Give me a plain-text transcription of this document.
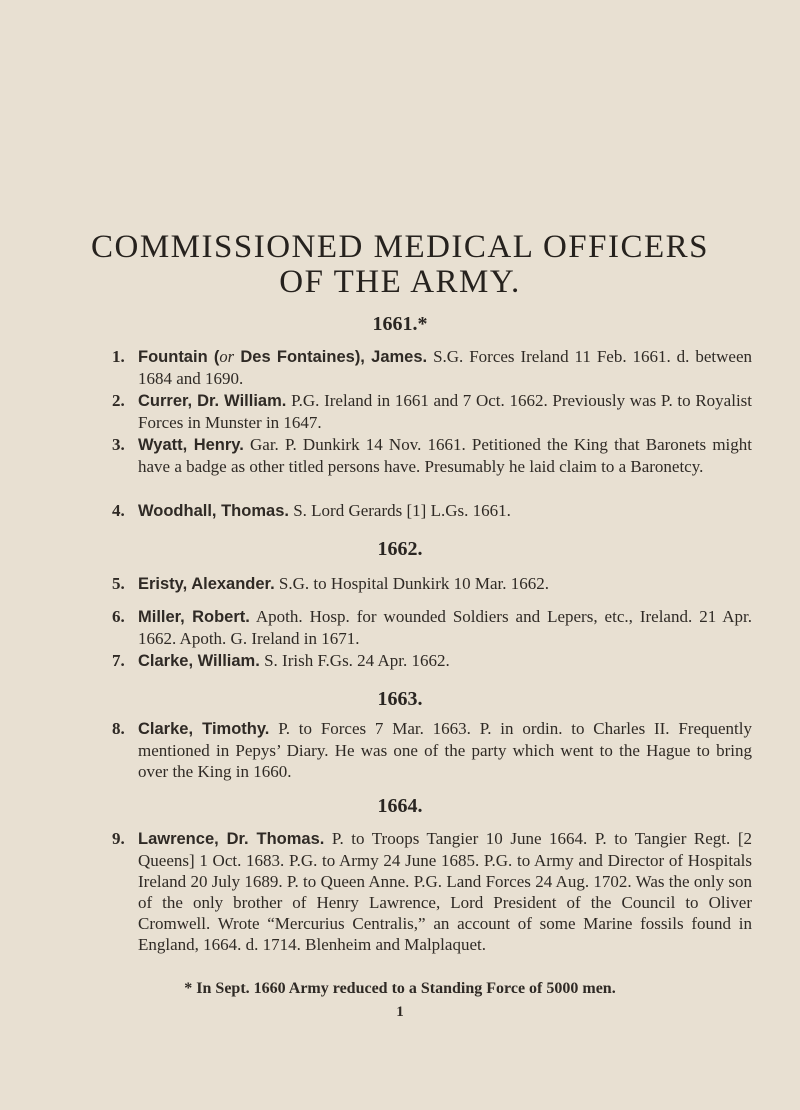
COMMISSIONED MEDICAL OFFICERS
OF THE ARMY.
1661.*
1. Fountain (or Des Fontaines), James. S.G. Forces Ireland 11 Feb. 1661. d. between 1684 and 1690.
2. Currer, Dr. William. P.G. Ireland in 1661 and 7 Oct. 1662. Previously was P. to Royalist Forces in Munster in 1647.
3. Wyatt, Henry. Gar. P. Dunkirk 14 Nov. 1661. Petitioned the King that Baronets might have a badge as other titled persons have. Presumably he laid claim to a Baronetcy.
4. Woodhall, Thomas. S. Lord Gerards [1] L.Gs. 1661.
1662.
5. Eristy, Alexander. S.G. to Hospital Dunkirk 10 Mar. 1662.
6. Miller, Robert. Apoth. Hosp. for wounded Soldiers and Lepers, etc., Ireland. 21 Apr. 1662. Apoth. G. Ireland in 1671.
7. Clarke, William. S. Irish F.Gs. 24 Apr. 1662.
1663.
8. Clarke, Timothy. P. to Forces 7 Mar. 1663. P. in ordin. to Charles II. Frequently mentioned in Pepys’ Diary. He was one of the party which went to the Hague to bring over the King in 1660.
1664.
9. Lawrence, Dr. Thomas. P. to Troops Tangier 10 June 1664. P. to Tangier Regt. [2 Queens] 1 Oct. 1683. P.G. to Army 24 June 1685. P.G. to Army and Director of Hospitals Ireland 20 July 1689. P. to Queen Anne. P.G. Land Forces 24 Aug. 1702. Was the only son of the only brother of Henry Lawrence, Lord President of the Council to Oliver Cromwell. Wrote “Mercurius Centralis,” an account of some Marine fossils found in England, 1664. d. 1714. Blenheim and Malplaquet.
* In Sept. 1660 Army reduced to a Standing Force of 5000 men.
1
